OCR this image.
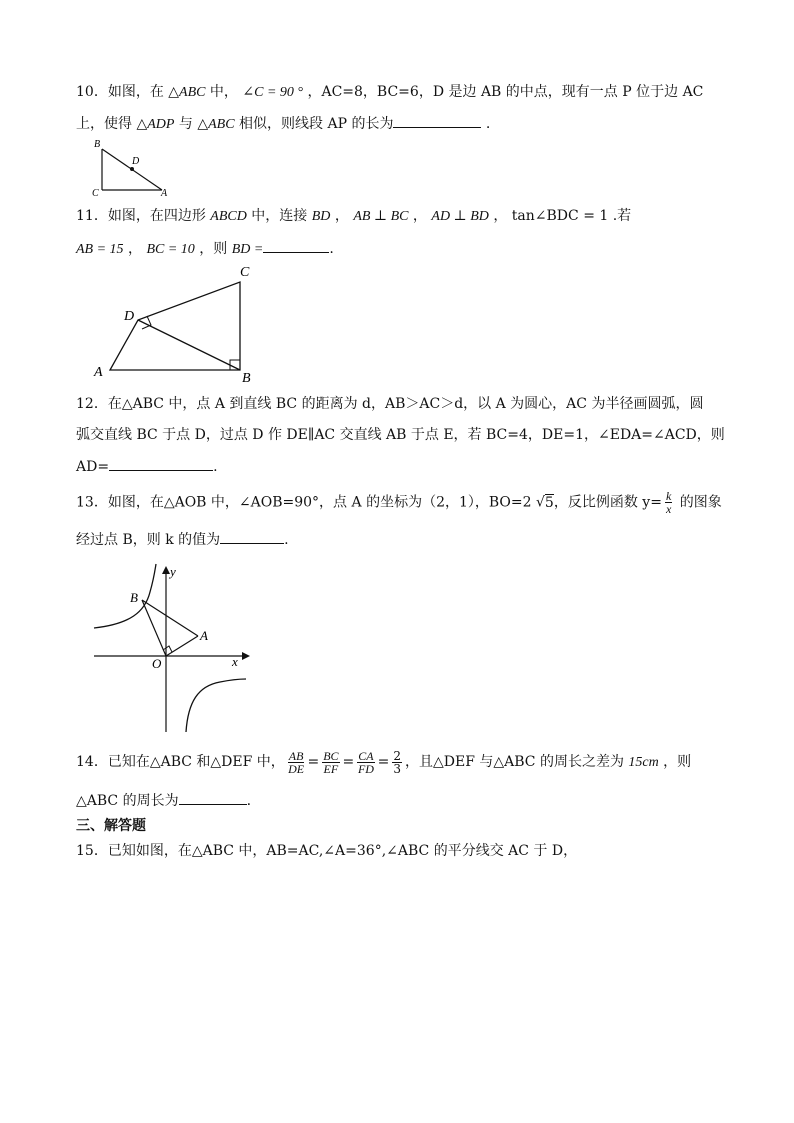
10．如图，在 △ABC 中， ∠C = 90 ° ，AC=8，BC=6，D 是边 AB 的中点，现有一点 P 位于边 AC
上，使得 △ADP 与 △ABC 相似，则线段 AP 的长为	.
B
D
C	A
11．如图，在四边形 ABCD 中，连接 BD ， AB ⊥ BC ， AD ⊥ BD ， tan∠BDC = 1 .若
AB = 15 ， BC = 10 ，则 BD =	.
A	B
C
D
12．在△ABC 中，点 A 到直线 BC 的距离为 d，AB＞AC＞d，以 A 为圆心，AC 为半径画圆弧，圆
弧交直线 BC 于点 D，过点 D 作 DE∥AC 交直线 AB 于点 E，若 BC=4，DE=1，∠EDA=∠ACD，则
AD=	.
13．如图，在△AOB 中，∠AOB=90°，点 A 的坐标为（2，1），BO=2 √5，反比例函数 $y= \frac{k}{x}$ 的图象
经过点 B，则 k 的值为	.
y
x
B
A
O
14．已知在△ABC 和△DEF 中， $\frac{AB}{DE} = \frac{BC}{EF} = \frac{CA}{FD} = \frac{2}{3}$ ，且△DEF 与△ABC 的周长之差为 15cm ，则
△ABC 的周长为	.
三、解答题
15．已知如图，在△ABC 中，AB=AC,∠A=36°,∠ABC 的平分线交 AC 于 D，
